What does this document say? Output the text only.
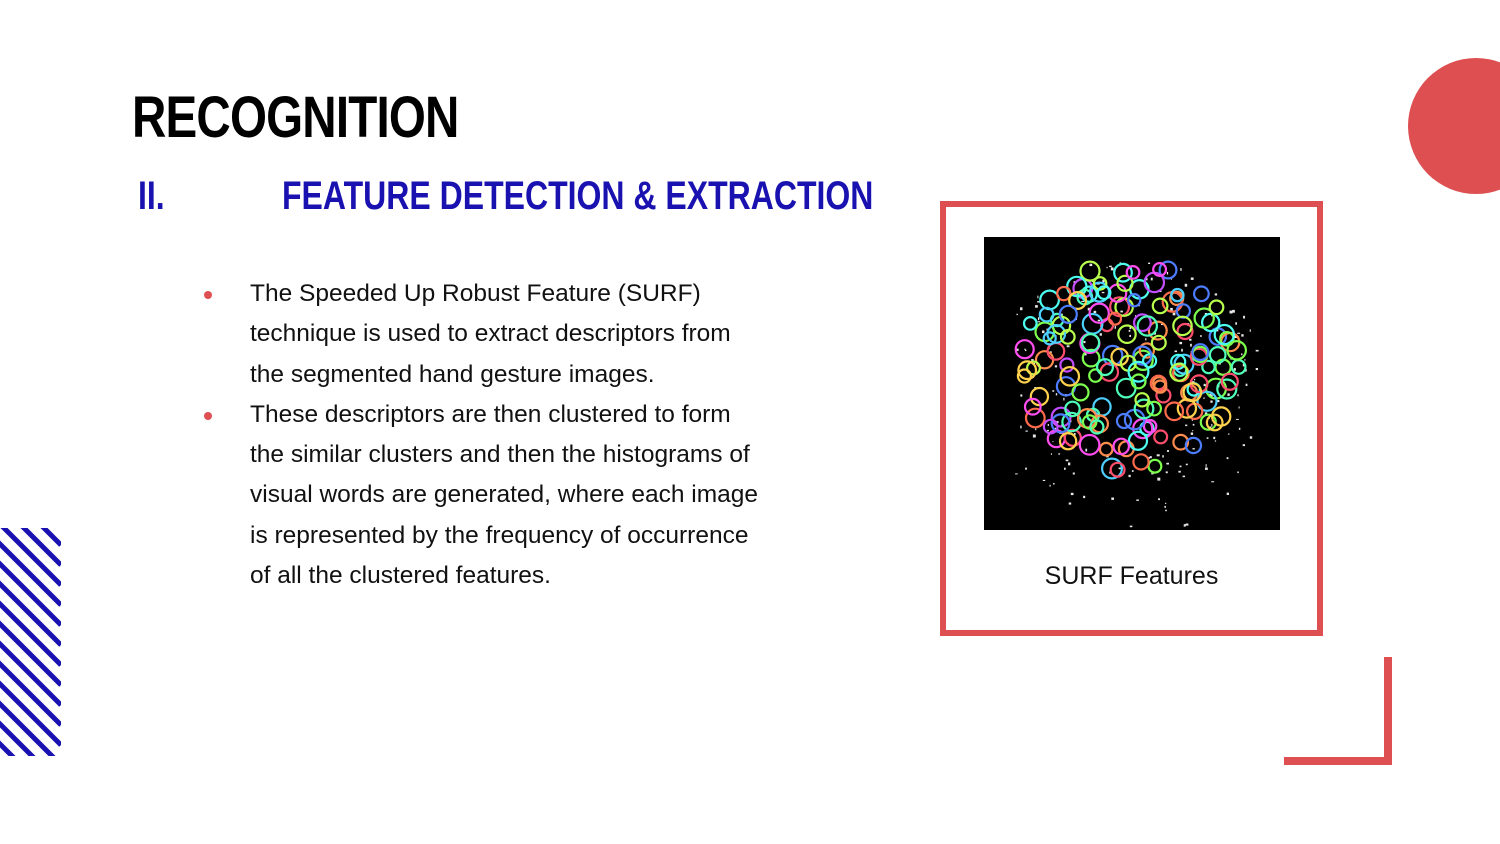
RECOGNITION
II.	FEATURE DETECTION & EXTRACTION
The Speeded Up Robust Feature (SURF) technique is used to extract descriptors from the segmented hand gesture images.
These descriptors are then clustered to form the similar clusters and then the histograms of visual words are generated, where each image is represented by the frequency of occurrence of all the clustered features.	SURF Features
